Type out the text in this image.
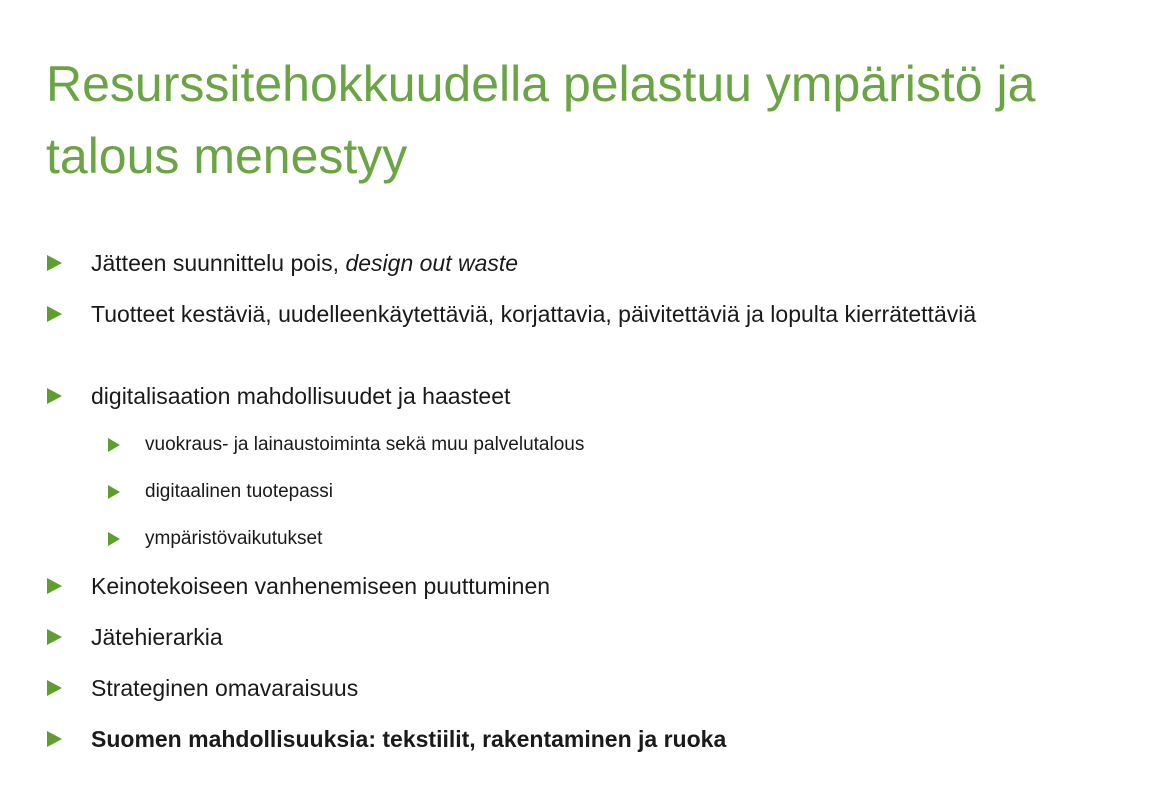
Resurssitehokkuudella pelastuu ympäristö ja talous menestyy
Jätteen suunnittelu pois, design out waste
Tuotteet kestäviä, uudelleenkäytettäviä, korjattavia, päivitettäviä ja lopulta kierrätettäviä
digitalisaation mahdollisuudet ja haasteet
vuokraus- ja lainaustoiminta sekä muu palvelutalous
digitaalinen tuotepassi
ympäristövaikutukset
Keinotekoiseen vanhenemiseen puuttuminen
Jätehierarkia
Strateginen omavaraisuus
Suomen mahdollisuuksia: tekstiilit, rakentaminen ja ruoka
